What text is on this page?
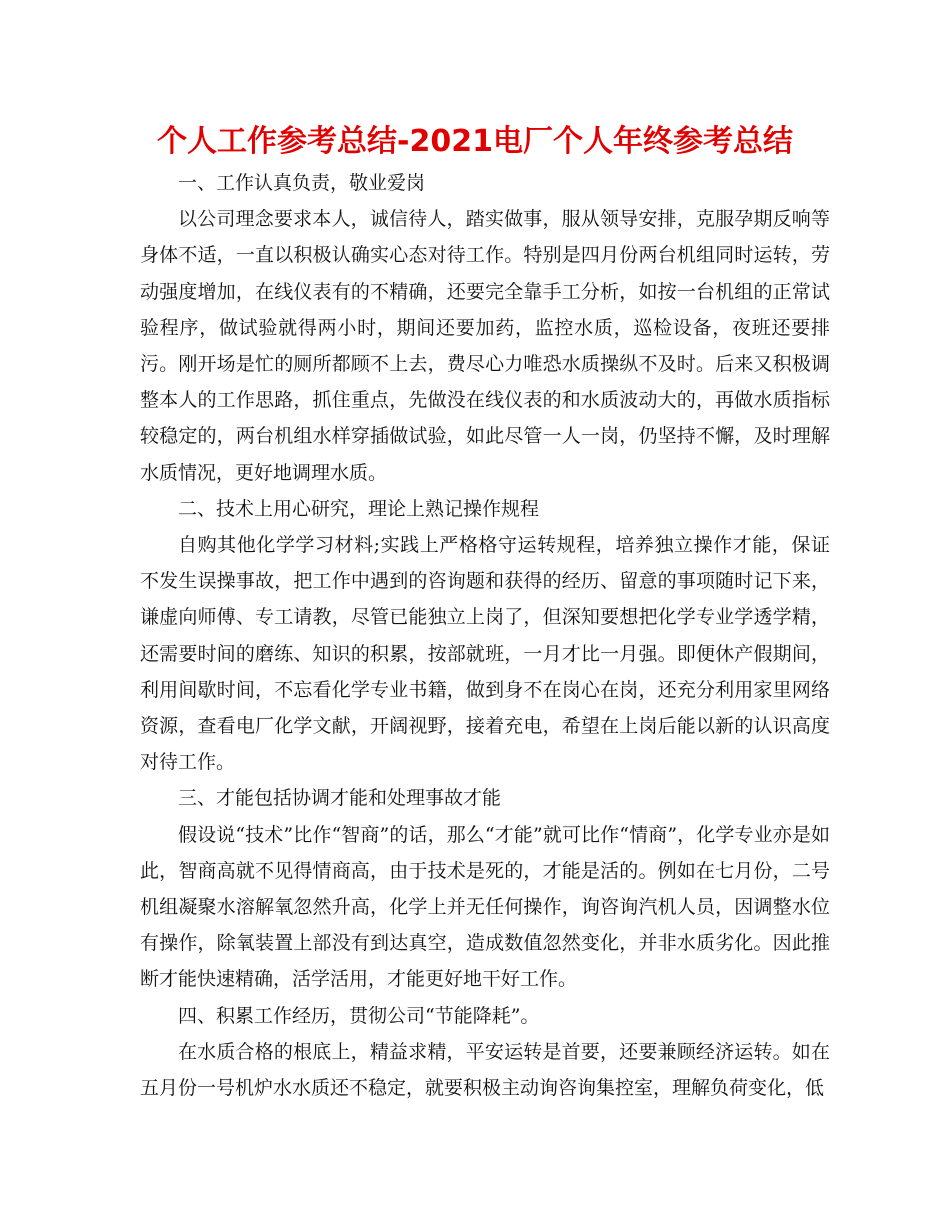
个人工作参考总结-2021电厂个人年终参考总结

一、工作认真负责，敬业爱岗

以公司理念要求本人，诚信待人，踏实做事，服从领导安排，克服孕期反响等身体不适，一直以积极认确实心态对待工作。特别是四月份两台机组同时运转，劳动强度增加，在线仪表有的不精确，还要完全靠手工分析，如按一台机组的正常试验程序，做试验就得两小时，期间还要加药，监控水质，巡检设备，夜班还要排污。刚开场是忙的厕所都顾不上去，费尽心力唯恐水质操纵不及时。后来又积极调整本人的工作思路，抓住重点，先做没在线仪表的和水质波动大的，再做水质指标较稳定的，两台机组水样穿插做试验，如此尽管一人一岗，仍坚持不懈，及时理解水质情况，更好地调理水质。

二、技术上用心研究，理论上熟记操作规程

自购其他化学学习材料;实践上严格格守运转规程，培养独立操作才能，保证不发生误操事故，把工作中遇到的咨询题和获得的经历、留意的事项随时记下来，谦虚向师傅、专工请教，尽管已能独立上岗了，但深知要想把化学专业学透学精，还需要时间的磨练、知识的积累，按部就班，一月才比一月强。即便休产假期间，利用间歇时间，不忘看化学专业书籍，做到身不在岗心在岗，还充分利用家里网络资源，查看电厂化学文献，开阔视野，接着充电，希望在上岗后能以新的认识高度对待工作。

三、才能包括协调才能和处理事故才能

假设说“技术”比作“智商”的话，那么“才能”就可比作“情商”，化学专业亦是如此，智商高就不见得情商高，由于技术是死的，才能是活的。例如在七月份，二号机组凝聚水溶解氧忽然升高，化学上并无任何操作，询咨询汽机人员，因调整水位有操作，除氧装置上部没有到达真空，造成数值忽然变化，并非水质劣化。因此推断才能快速精确，活学活用，才能更好地干好工作。

四、积累工作经历，贯彻公司“节能降耗”。

在水质合格的根底上，精益求精，平安运转是首要，还要兼顾经济运转。如在五月份一号机炉水水质还不稳定，就要积极主动询咨询集控室，理解负荷变化，低
